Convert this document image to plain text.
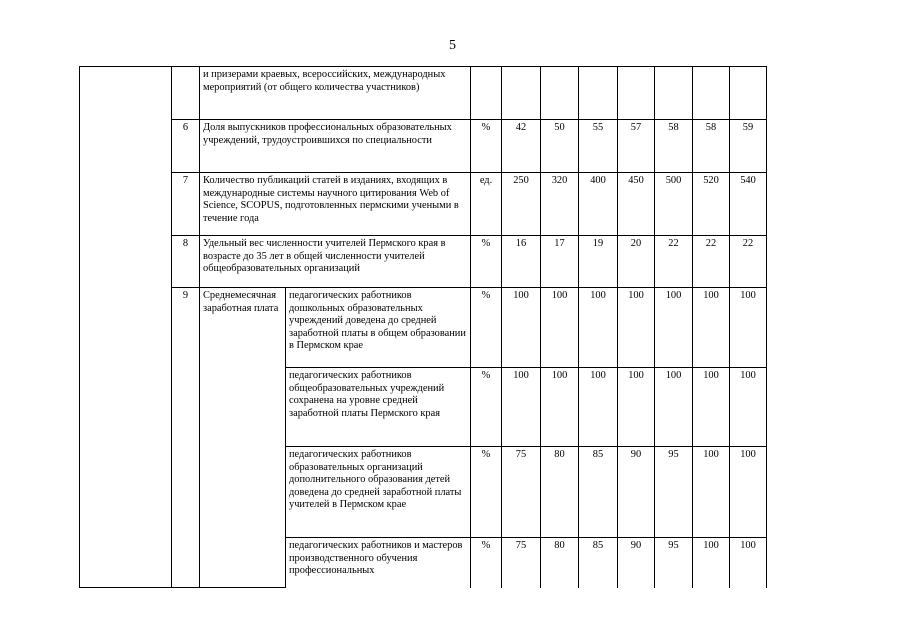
5
		и призерами краевых, всероссийских, международных мероприятий (от общего количества участников)									
	6	Доля выпускников профессиональных образовательных учреждений, трудоустроившихся по специальности		%	42	50	55	57	58	58	59
	7	Количество публикаций статей в изданиях, входящих в международные системы научного цитирования Web of Science, SCOPUS, подготовленных пермскими учеными в течение года		ед.	250	320	400	450	500	520	540
	8	Удельный вес численности учителей Пермского края в возрасте до 35 лет в общей численности учителей общеобразовательных организаций		%	16	17	19	20	22	22	22
	9	Среднемесячная заработная плата	педагогических работников дошкольных образовательных учреждений доведена до средней заработной платы в общем образовании в Пермском крае	%	100	100	100	100	100	100	100
			педагогических работников общеобразовательных учреждений сохранена на уровне средней заработной платы Пермского края	%	100	100	100	100	100	100	100
			педагогических работников образовательных организаций дополнительного образования детей доведена до средней заработной платы учителей в Пермском крае	%	75	80	85	90	95	100	100
			педагогических работников и мастеров производственного обучения профессиональных	%	75	80	85	90	95	100	100
